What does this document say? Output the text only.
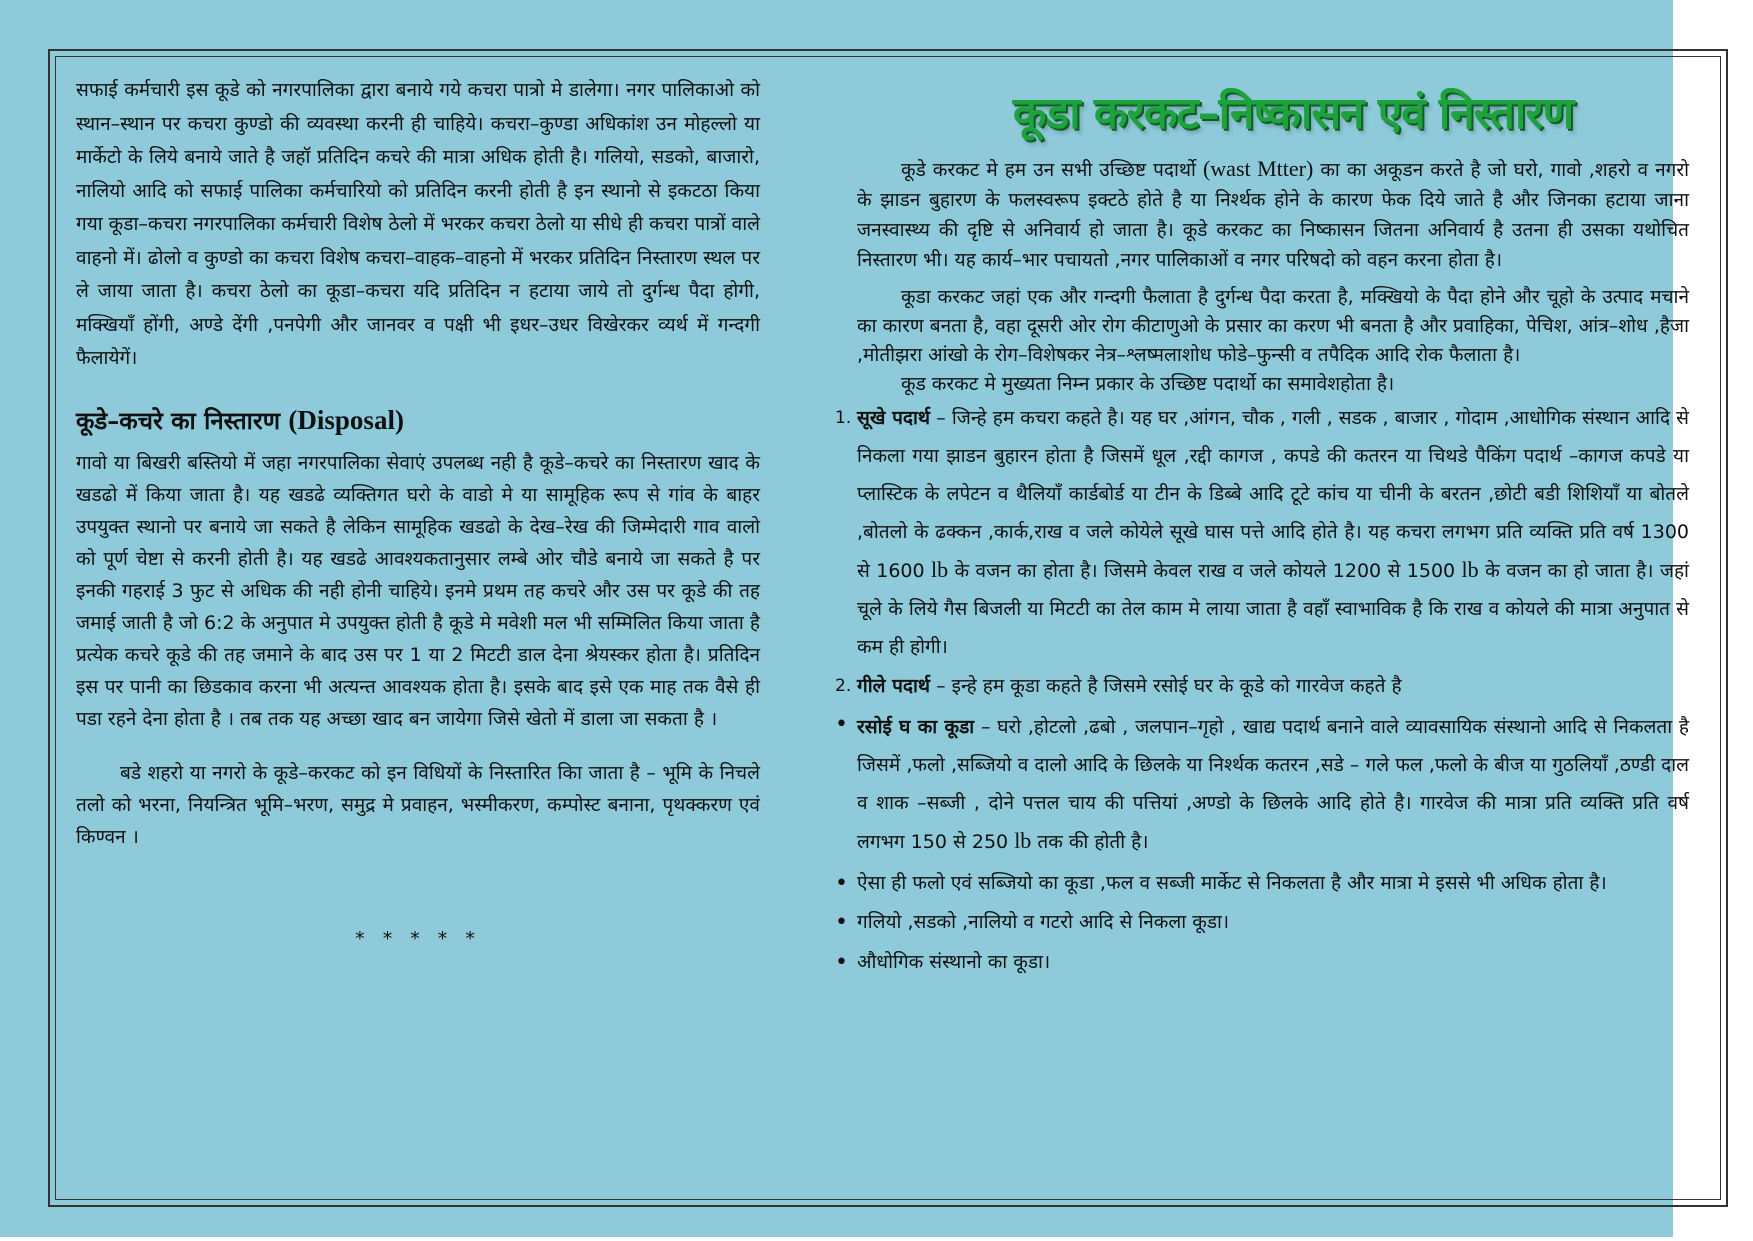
सफाई कर्मचारी इस कूडे को नगरपालिका द्वारा बनाये गये कचरा पात्रो मे डालेगा। नगर पालिकाओ को स्थान–स्थान पर कचरा कुण्डो की व्यवस्था करनी ही चाहिये। कचरा–कुण्डा अधिकांश उन मोहल्लो या मार्केटो के लिये बनाये जाते है जहॉ प्रतिदिन कचरे की मात्रा अधिक होती है। गलियो, सडको, बाजारो, नालियो आदि को सफाई पालिका कर्मचारियो को प्रतिदिन करनी होती है इन स्थानो से इकटठा किया गया कूडा–कचरा नगरपालिका कर्मचारी विशेष ठेलो में भरकर कचरा ठेलो या सीधे ही कचरा पात्रों वाले वाहनो में। ढोलो व कुण्डो का कचरा विशेष कचरा–वाहक–वाहनो में भरकर प्रतिदिन निस्तारण स्थल पर ले जाया जाता है। कचरा ठेलो का कूडा–कचरा यदि प्रतिदिन न हटाया जाये तो दुर्गन्ध पैदा होगी, मक्खियॉं होंगी, अण्डे देंगी ,पनपेगी और जानवर व पक्षी भी इधर–उधर विखेरकर व्यर्थ में गन्दगी फैलायेगें।

कूडे–कचरे का निस्तारण (Disposal)

गावो या बिखरी बस्तियो में जहा नगरपालिका सेवाएं उपलब्ध नही है कूडे–कचरे का निस्तारण खाद के खडढो में किया जाता है। यह खडढे व्यक्तिगत घरो के वाडो मे या सामूहिक रूप से गांव के बाहर उपयुक्त स्थानो पर बनाये जा सकते है लेकिन सामूहिक खडढो के देख–रेख की जिम्मेदारी गाव वालो को पूर्ण चेष्टा से करनी होती है। यह खडढे आवश्यकतानुसार लम्बे ओर चौडे बनाये जा सकते है पर इनकी गहराई 3 फुट से अधिक की नही होनी चाहिये। इनमे प्रथम तह कचरे और उस पर कूडे की तह जमाई जाती है जो 6:2 के अनुपात मे उपयुक्त होती है कूडे मे मवेशी मल भी सम्मिलित किया जाता है प्रत्येक कचरे कूडे की तह जमाने के बाद उस पर 1 या 2 मिटटी डाल देना श्रेयस्कर होता है। प्रतिदिन इस पर पानी का छिडकाव करना भी अत्यन्त आवश्यक होता है। इसके बाद इसे एक माह तक वैसे ही पडा रहने देना होता है । तब तक यह अच्छा खाद बन जायेगा जिसे खेतो में डाला जा सकता है ।

बडे शहरो या नगरो के कूडे–करकट को इन विधियों के निस्तारित किा जाता है – भूमि के निचले तलो को भरना, नियन्त्रित भूमि–भरण, समुद्र मे प्रवाहन, भस्मीकरण, कम्पोस्ट बनाना, पृथक्करण एवं किण्वन ।

* * * * *
कूडा करकट–निष्कासन एवं निस्तारण

कूडे करकट मे हम उन सभी उच्छिष्ट पदार्थो (wast Mtter) का का अकूडन करते है जो घरो, गावो ,शहरो व नगरो के झाडन बुहारण के फलस्वरूप इक्टठे होते है या निर्श्थक होने के कारण फेक दिये जाते है और जिनका हटाया जाना जनस्वास्थ्य की दृष्टि से अनिवार्य हो जाता है। कूडे करकट का निष्कासन जितना अनिवार्य है उतना ही उसका यथोचित निस्तारण भी। यह कार्य–भार पचायतो ,नगर पालिकाओं व नगर परिषदो को वहन करना होता है।

कूडा करकट जहां एक और गन्दगी फैलाता है दुर्गन्ध पैदा करता है, मक्खियो के पैदा होने और चूहो के उत्पाद मचाने का कारण बनता है, वहा दूसरी ओर रोग कीटाणुओ के प्रसार का करण भी बनता है और प्रवाहिका, पेचिश, आंत्र–शोध ,हैजा ,मोतीझरा आंखो के रोग–विशेषकर नेत्र–श्लष्मलाशोध फोडे–फुन्सी व तपैदिक आदि रोक फैलाता है।

कूड करकट मे मुख्यता निम्न प्रकार के उच्छिष्ट पदार्थो का समावेशहोता है।

1. सूखे पदार्थ – जिन्हे हम कचरा कहते है। यह घर ,आंगन, चौक , गली , सडक , बाजार , गोदाम ,आधोगिक संस्थान आदि से निकला गया झाडन बुहारन होता है जिसमें धूल ,रद्दी कागज , कपडे की कतरन या चिथडे पैकिंग पदार्थ –कागज कपडे या प्लास्टिक के लपेटन व थैलियॉं कार्डबोर्ड या टीन के डिब्बे आदि टूटे कांच या चीनी के बरतन ,छोटी बडी शिशियॉं या बोतले ,बोतलो के ढक्कन ,कार्क,राख व जले कोयेले सूखे घास पत्ते आदि होते है। यह कचरा लगभग प्रति व्यक्ति प्रति वर्ष 1300 से 1600 lb के वजन का होता है। जिसमे केवल राख व जले कोयले 1200 से 1500 lb के वजन का हो जाता है। जहां चूले के लिये गैस बिजली या मिटटी का तेल काम मे लाया जाता है वहॉं स्वाभाविक है कि राख व कोयले की मात्रा अनुपात से कम ही होगी।
2. गीले पदार्थ – इन्हे हम कूडा कहते है जिसमे रसोई घर के कूडे को गारवेज कहते है
• रसोई घ का कूडा – घरो ,होटलो ,ढबो , जलपान–गृहो , खाद्य पदार्थ बनाने वाले व्यावसायिक संस्थानो आदि से निकलता है जिसमें ,फलो ,सब्जियो व दालो आदि के छिलके या निर्श्थक कतरन ,सडे – गले फल ,फलो के बीज या गुठलियॉं ,ठण्डी दाल व शाक –सब्जी , दोने पत्तल चाय की पत्तियां ,अण्डो के छिलके आदि होते है। गारवेज की मात्रा प्रति व्यक्ति प्रति वर्ष लगभग 150 से 250 lb तक की होती है।
• ऐसा ही फलो एवं सब्जियो का कूडा ,फल व सब्जी मार्केट से निकलता है और मात्रा मे इससे भी अधिक होता है।
• गलियो ,सडको ,नालियो व गटरो आदि से निकला कूडा।
• औधोगिक संस्थानो का कूडा।
